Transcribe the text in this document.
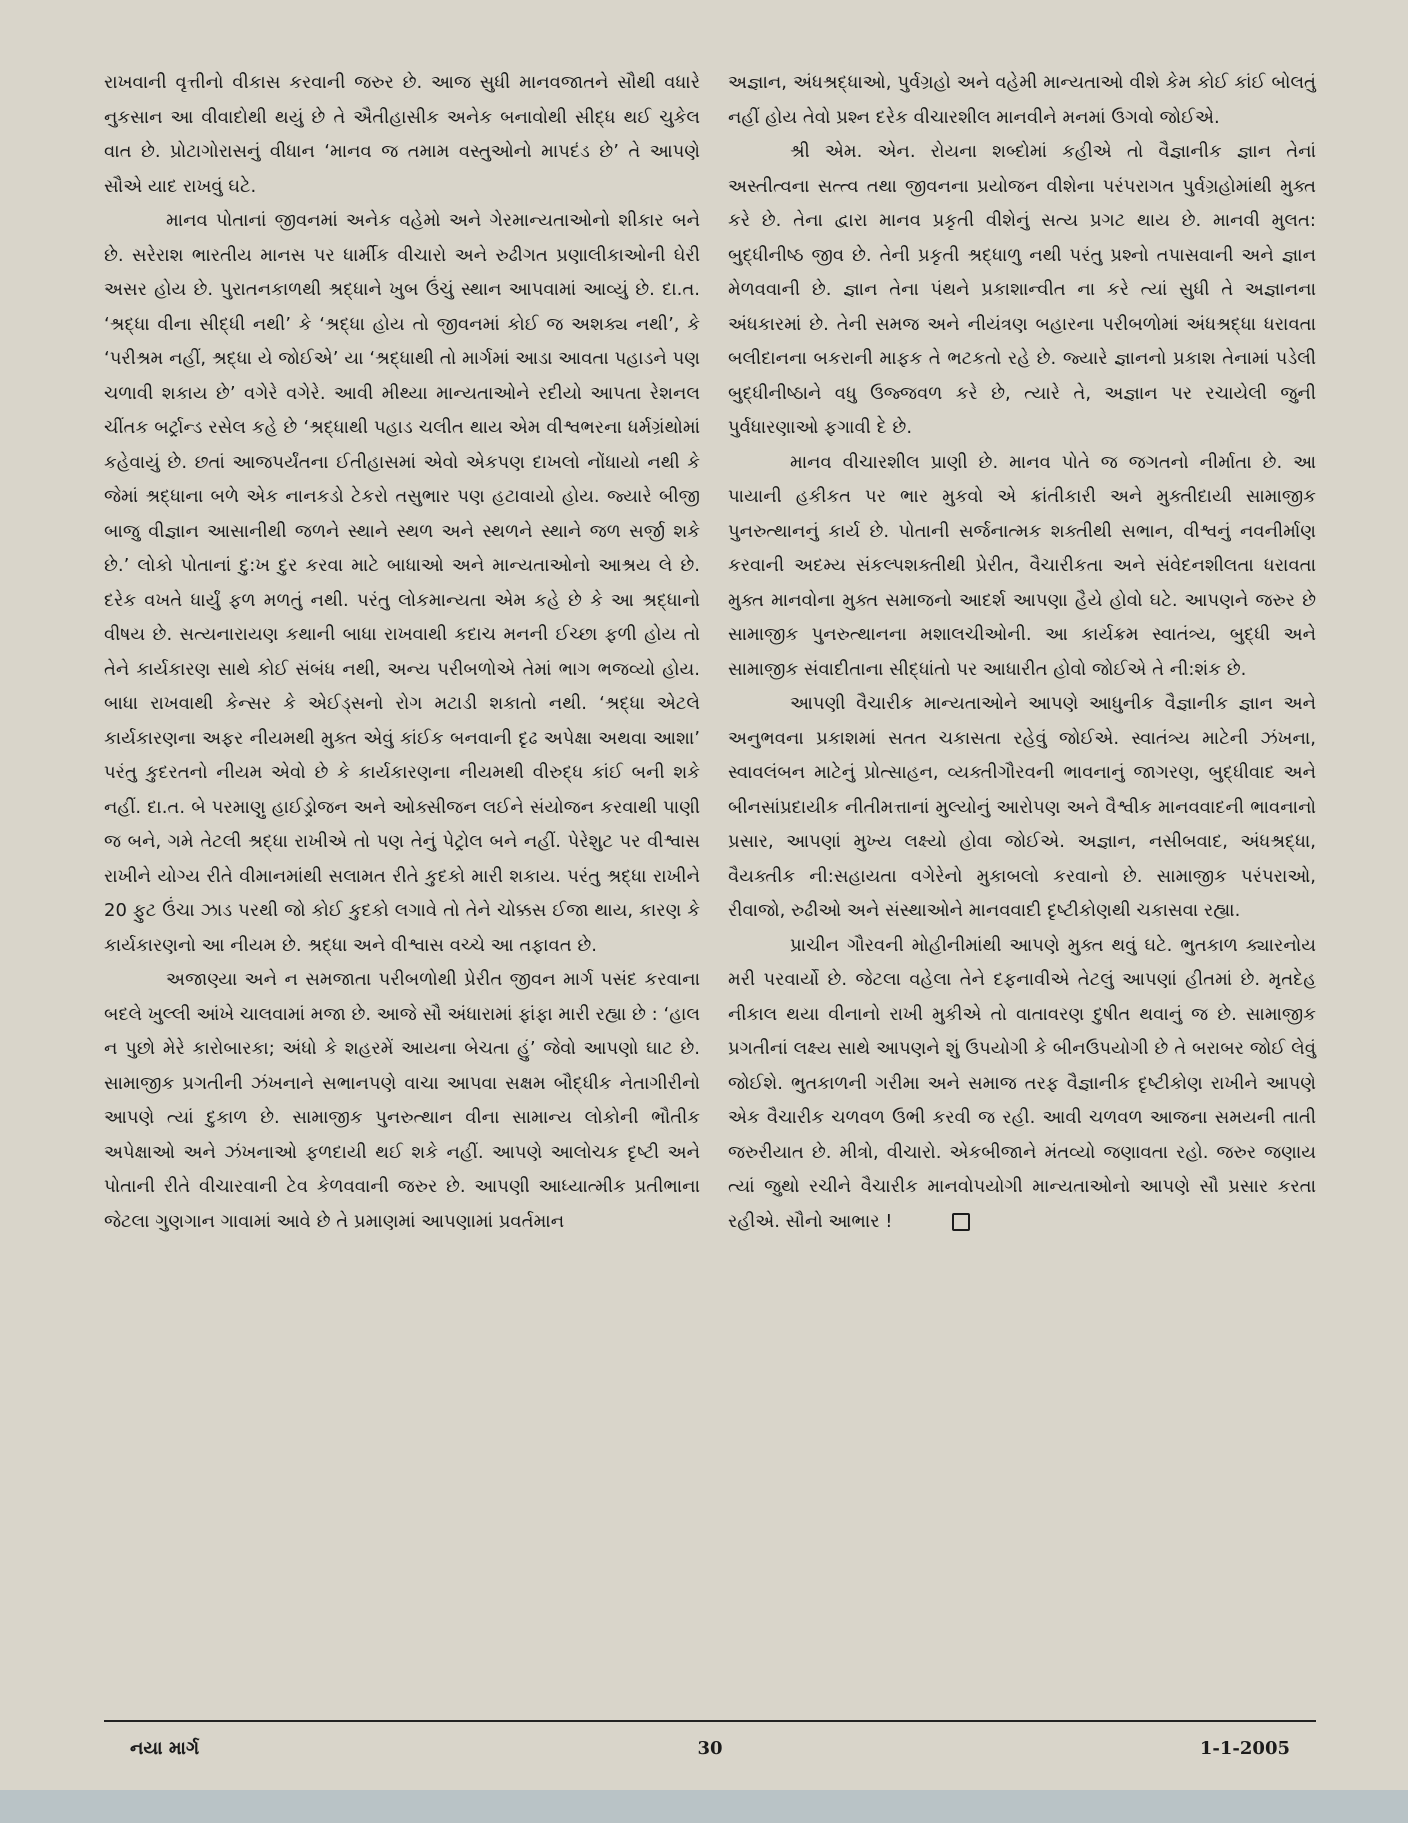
રાખવાની વૃત્તીનો વીકાસ કરવાની જરુર છે. આજ સુધી માનવજાતને સૌથી વધારે નુકસાન આ વીવાદોથી થયું છે તે ઐતીહાસીક અનેક બનાવોથી સીદ્ધ થઈ ચુકેલ વાત છે. પ્રોટાગોરાસનું વીધાન ‘માનવ જ તમામ વસ્તુઓનો માપદંડ છે’ તે આપણે સૌએ યાદ રાખવું ઘટે.

માનવ પોતાનાં જીવનમાં અનેક વહેમો અને ગેરમાન્યતાઓનો શીકાર બને છે. સરેરાશ ભારતીય માનસ પર ધાર્મીક વીચારો અને રુઢીગત પ્રણાલીકાઓની ઘેરી અસર હોય છે. પુરાતનકાળથી શ્રદ્ધાને ખુબ ઉંચું સ્થાન આપવામાં આવ્યું છે. દા.ત. ‘શ્રદ્ધા વીના સીદ્ધી નથી’ કે ‘શ્રદ્ધા હોય તો જીવનમાં કોઈ જ અશક્ય નથી’, કે ‘પરીશ્રમ નહીં, શ્રદ્ધા યે જોઈએ’ યા ‘શ્રદ્ધાથી તો માર્ગમાં આડા આવતા પહાડને પણ ચળાવી શકાય છે’ વગેરે વગેરે. આવી મીથ્યા માન્યતાઓને રદીયો આપતા રેશનલ ચીંતક બર્ટ્રાન્ડ રસેલ કહે છે ‘શ્રદ્ધાથી પહાડ ચલીત થાય એમ વીશ્વભરના ધર્મગ્રંથોમાં કહેવાયું છે. છતાં આજપર્યંતના ઈતીહાસમાં એવો એકપણ દાખલો નોંધાયો નથી કે જેમાં શ્રદ્ધાના બળે એક નાનકડો ટેકરો તસુભાર પણ હટાવાયો હોય. જ્યારે બીજી બાજુ વીજ્ઞાન આસાનીથી જળને સ્થાને સ્થળ અને સ્થળને સ્થાને જળ સર્જી શકે છે.’ લોકો પોતાનાં દુ:ખ દુર કરવા માટે બાધાઓ અને માન્યતાઓનો આશ્રય લે છે. દરેક વખતે ધાર્યું ફળ મળતું નથી. પરંતુ લોકમાન્યતા એમ કહે છે કે આ શ્રદ્ધાનો વીષય છે. સત્યનારાયણ કથાની બાધા રાખવાથી કદાચ મનની ઈચ્છા ફળી હોય તો તેને કાર્યકારણ સાથે કોઈ સંબંધ નથી, અન્ય પરીબળોએ તેમાં ભાગ ભજવ્યો હોય. બાધા રાખવાથી કેન્સર કે એઈડ્સનો રોગ મટાડી શકાતો નથી. ‘શ્રદ્ધા એટલે કાર્યકારણના અફર નીયમથી મુક્ત એવું કાંઈક બનવાની દૃઢ અપેક્ષા અથવા આશા’ પરંતુ કુદરતનો નીયમ એવો છે કે કાર્યકારણના નીયમથી વીરુદ્ધ કાંઈ બની શકે નહીં. દા.ત. બે પરમાણુ હાઈડ્રોજન અને ઓક્સીજન લઈને સંયોજન કરવાથી પાણી જ બને, ગમે તેટલી શ્રદ્ધા રાખીએ તો પણ તેનું પેટ્રોલ બને નહીં. પેરેશુટ પર વીશ્વાસ રાખીને યોગ્ય રીતે વીમાનમાંથી સલામત રીતે કુદકો મારી શકાય. પરંતુ શ્રદ્ધા રાખીને 20 ફુટ ઉંચા ઝાડ પરથી જો કોઈ કુદકો લગાવે તો તેને ચોક્કસ ઈજા થાય, કારણ કે કાર્યકારણનો આ નીયમ છે. શ્રદ્ધા અને વીશ્વાસ વચ્ચે આ તફાવત છે.

અજાણ્યા અને ન સમજાતા પરીબળોથી પ્રેરીત જીવન માર્ગ પસંદ કરવાના બદલે ખુલ્લી આંખે ચાલવામાં મજા છે. આજે સૌ અંધારામાં ફાંફા મારી રહ્યા છે : ‘હાલ ન પુછો મેરે કારોબારકા; અંધો કે શહરમેં આયના બેચતા હું’ જેવો આપણો ઘાટ છે. સામાજીક પ્રગતીની ઝંખનાને સભાનપણે વાચા આપવા સક્ષમ બૌદ્ધીક નેતાગીરીનો આપણે ત્યાં દુકાળ છે. સામાજીક પુનરુત્થાન વીના સામાન્ય લોકોની ભૌતીક અપેક્ષાઓ અને ઝંખનાઓ ફળદાયી થઈ શકે નહીં. આપણે આલોચક દૃષ્ટી અને પોતાની રીતે વીચારવાની ટેવ કેળવવાની જરુર છે. આપણી આધ્યાત્મીક પ્રતીભાના જેટલા ગુણગાન ગાવામાં આવે છે તે પ્રમાણમાં આપણામાં પ્રવર્તમાન

અજ્ઞાન, અંધશ્રદ્ધાઓ, પુર્વગ્રહો અને વહેમી માન્યતાઓ વીશે કેમ કોઈ કાંઈ બોલતું નહીં હોય તેવો પ્રશ્ન દરેક વીચારશીલ માનવીને મનમાં ઉગવો જોઈએ.

શ્રી એમ. એન. રોયના શબ્દોમાં કહીએ તો વૈજ્ઞાનીક જ્ઞાન તેનાં અસ્તીત્વના સત્ત્વ તથા જીવનના પ્રયોજન વીશેના પરંપરાગત પુર્વગ્રહોમાંથી મુક્ત કરે છે. તેના દ્વારા માનવ પ્રકૃતી વીશેનું સત્ય પ્રગટ થાય છે. માનવી મુલત: બુદ્ધીનીષ્ઠ જીવ છે. તેની પ્રકૃતી શ્રદ્ધાળુ નથી પરંતુ પ્રશ્નો તપાસવાની અને જ્ઞાન મેળવવાની છે. જ્ઞાન તેના પંથને પ્રકાશાન્વીત ના કરે ત્યાં સુધી તે અજ્ઞાનના અંધકારમાં છે. તેની સમજ અને નીયંત્રણ બહારના પરીબળોમાં અંધશ્રદ્ધા ધરાવતા બલીદાનના બકરાની માફક તે ભટકતો રહે છે. જ્યારે જ્ઞાનનો પ્રકાશ તેનામાં પડેલી બુદ્ધીનીષ્ઠાને વધુ ઉજ્જવળ કરે છે, ત્યારે તે, અજ્ઞાન પર રચાયેલી જુની પુર્વધારણાઓ ફગાવી દે છે.

માનવ વીચારશીલ પ્રાણી છે. માનવ પોતે જ જગતનો નીર્માતા છે. આ પાયાની હકીકત પર ભાર મુકવો એ ક્રાંતીકારી અને મુક્તીદાયી સામાજીક પુનરુત્થાનનું કાર્ય છે. પોતાની સર્જનાત્મક શક્તીથી સભાન, વીશ્વનું નવનીર્માણ કરવાની અદમ્ય સંકલ્પશક્તીથી પ્રેરીત, વૈચારીકતા અને સંવેદનશીલતા ધરાવતા મુક્ત માનવોના મુક્ત સમાજનો આદર્શ આપણા હૈયે હોવો ઘટે. આપણને જરુર છે સામાજીક પુનરુત્થાનના મશાલચીઓની. આ કાર્યક્રમ સ્વાતંત્ર્ય, બુદ્ધી અને સામાજીક સંવાદીતાના સીદ્ધાંતો પર આધારીત હોવો જોઈએ તે ની:શંક છે.

આપણી વૈચારીક માન્યતાઓને આપણે આધુનીક વૈજ્ઞાનીક જ્ઞાન અને અનુભવના પ્રકાશમાં સતત ચકાસતા રહેવું જોઈએ. સ્વાતંત્ર્ય માટેની ઝંખના, સ્વાવલંબન માટેનું પ્રોત્સાહન, વ્યક્તીગૌરવની ભાવનાનું જાગરણ, બુદ્ધીવાદ અને બીનસાંપ્રદાયીક નીતીમત્તાનાં મુલ્યોનું આરોપણ અને વૈશ્વીક માનવવાદની ભાવનાનો પ્રસાર, આપણાં મુખ્ય લક્ષ્યો હોવા જોઈએ. અજ્ઞાન, નસીબવાદ, અંધશ્રદ્ધા, વૈયક્તીક ની:સહાયતા વગેરેનો મુકાબલો કરવાનો છે. સામાજીક પરંપરાઓ, રીવાજો, રુઢીઓ અને સંસ્થાઓને માનવવાદી દૃષ્ટીકોણથી ચકાસવા રહ્યા.

પ્રાચીન ગૌરવની મોહીનીમાંથી આપણે મુક્ત થવું ઘટે. ભુતકાળ ક્યારનોય મરી પરવાર્યો છે. જેટલા વહેલા તેને દફનાવીએ તેટલું આપણાં હીતમાં છે. મૃતદેહ નીકાલ થયા વીનાનો રાખી મુકીએ તો વાતાવરણ દુષીત થવાનું જ છે. સામાજીક પ્રગતીનાં લક્ષ્ય સાથે આપણને શું ઉપયોગી કે બીનઉપયોગી છે તે બરાબર જોઈ લેવું જોઈશે. ભુતકાળની ગરીમા અને સમાજ તરફ વૈજ્ઞાનીક દૃષ્ટીકોણ રાખીને આપણે એક વૈચારીક ચળવળ ઉભી કરવી જ રહી. આવી ચળવળ આજના સમયની તાતી જરુરીયાત છે. મીત્રો, વીચારો. એકબીજાને મંતવ્યો જણાવતા રહો. જરુર જણાય ત્યાં જુથો રચીને વૈચારીક માનવોપયોગી માન્યતાઓનો આપણે સૌ પ્રસાર કરતા રહીએ. સૌનો આભાર !

નયા માર્ગ	30	1-1-2005
